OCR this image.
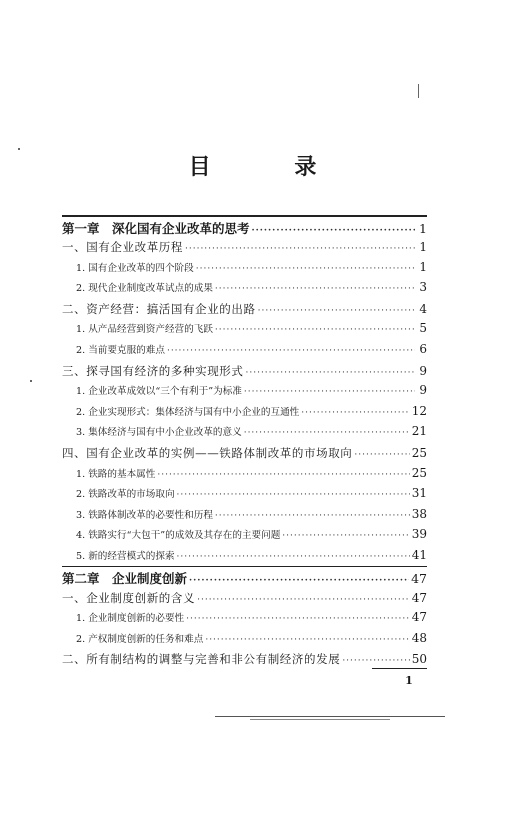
目 录
第一章　深化国有企业改革的思考 ·····	1
一、国有企业改革历程 ·····	1
1. 国有企业改革的四个阶段 ·····	1
2. 现代企业制度改革试点的成果 ·····	3
二、资产经营：搞活国有企业的出路 ·····	4
1. 从产品经营到资产经营的飞跃 ·····	5
2. 当前要克服的难点 ·····	6
三、探寻国有经济的多种实现形式 ·····	9
1. 企业改革成效以“三个有利于”为标准 ·····	9
2. 企业实现形式：集体经济与国有中小企业的互通性 ·····	12
3. 集体经济与国有中小企业改革的意义 ·····	21
四、国有企业改革的实例——铁路体制改革的市场取向 ·····	25
1. 铁路的基本属性 ·····	25
2. 铁路改革的市场取向 ·····	31
3. 铁路体制改革的必要性和历程 ·····	38
4. 铁路实行“大包干”的成效及其存在的主要问题 ·····	39
5. 新的经营模式的探索 ·····	41
第二章　企业制度创新 ·····	47
一、企业制度创新的含义 ·····	47
1. 企业制度创新的必要性 ·····	47
2. 产权制度创新的任务和难点 ·····	48
二、所有制结构的调整与完善和非公有制经济的发展 ·····	50
1
